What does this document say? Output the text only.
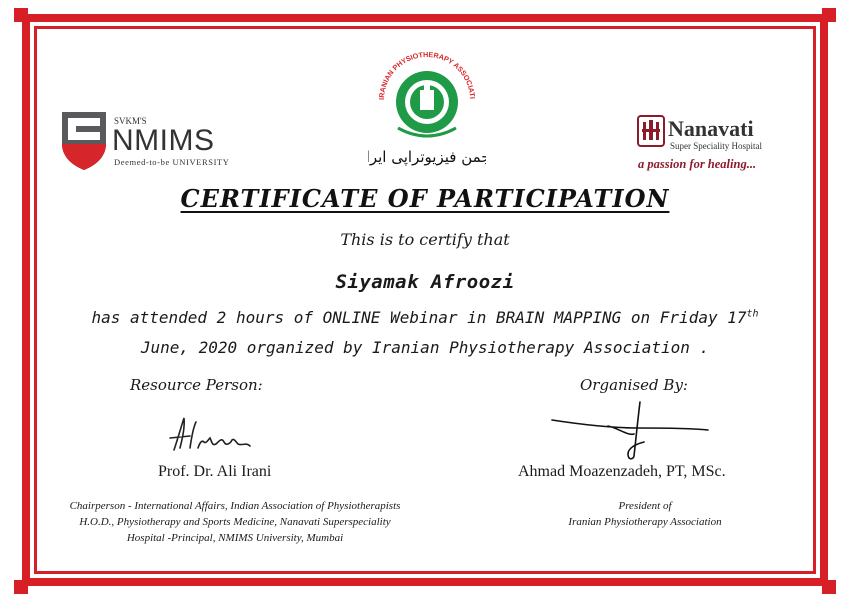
SVKM'S
NMIMS
Deemed-to-be UNIVERSITY
IRANIAN PHYSIOTHERAPY ASSOCIATI
من فیزیوتراپی ایر
Nanavati
Super Speciality Hospital
a passion for healing...
CERTIFICATE OF PARTICIPATION
This is to certify that
Siyamak Afroozi
has attended 2 hours of ONLINE Webinar in BRAIN MAPPING on Friday 17th
June, 2020 organized by Iranian Physiotherapy Association .
Resource Person:	Organised By:
Prof. Dr. Ali Irani	Ahmad Moazenzadeh, PT, MSc.
Chairperson - International Affairs, Indian Association of Physiotherapists
H.O.D., Physiotherapy and Sports Medicine, Nanavati Superspeciality
Hospital -Principal, NMIMS University, Mumbai
President of
Iranian Physiotherapy Association
